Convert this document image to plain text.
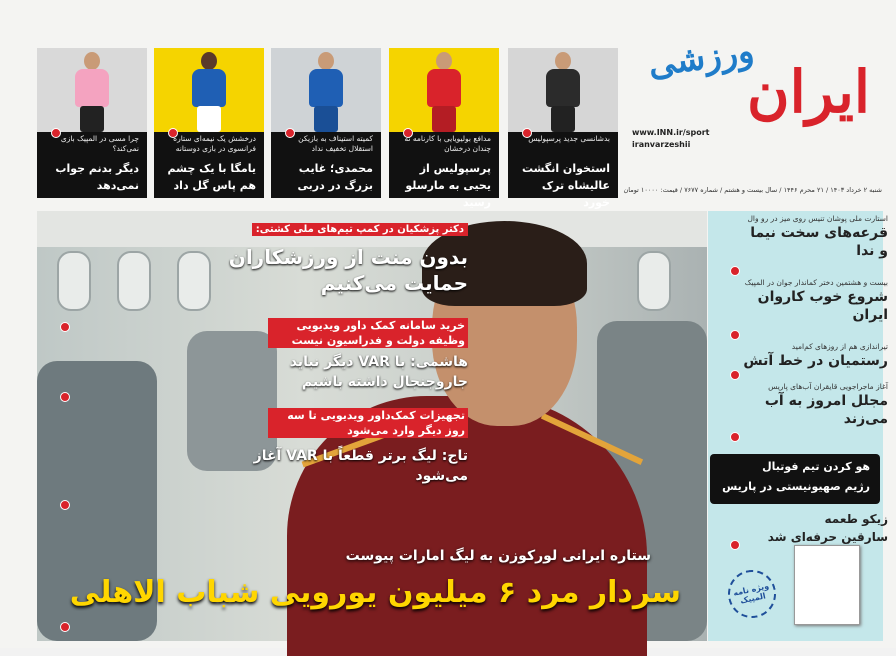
ورزشی
ایران
www.INN.ir/sport
iranvarzeshii
شنبه ۲ خرداد ۱۴۰۳ / ۲۱ محرم ۱۴۴۶ / سال بیست و هشتم / شماره ۷۶۷۷ / قیمت: ۱۰۰۰۰ تومان
بدشانسی جدید پرسپولیس
استخوان انگشت عالیشاه ترک خورد
مدافع بولیویایی با کارنامه نه چندان درخشان
پرسپولیس از یحیی به مارسلو رسید
کمیته استیناف به بازیکن استقلال تخفیف نداد
محمدی؛ غایب بزرگ در دربی
درخشش یک نیمه‌ای ستاره فرانسوی در بازی دوستانه
یامگا با یک چشم هم پاس گل داد
چرا مسی در المپیک بازی نمی‌کند؟
دیگر بدنم جواب نمی‌دهد
دکتر پزشکیان در کمپ تیم‌های ملی کشتی:
بدون منت از ورزشکاران حمایت می‌کنیم
خرید سامانه کمک داور ویدیویی وظیفه دولت و فدراسیون نیست
هاشمی: با VAR دیگر نباید جاروجنجال داشته باشیم
تجهیزات کمک‌داور ویدیویی تا سه روز دیگر وارد می‌شود
تاج: لیگ برتر قطعاً با VAR آغاز می‌شود
ستاره ایرانی لورکوزن به لیگ امارات پیوست
سردار مرد ۶ میلیون یورویی شباب الاهلی
استارت ملی پوشان تنیس روی میز در رو وال
قرعه‌های سخت نیما و ندا
بیست و هشتمین دختر کماندار جوان در المپیک
شروع خوب کاروان ایران
تیراندازی هم از روزهای کم‌امید
رستمیان در خط آتش
آغاز ماجراجویی قایقران آب‌های پاریس
مجلل امروز به آب می‌زند
هو کردن تیم فوتبال
رژیم صهیونیستی در پاریس
زیکو طعمه
سارقین حرفه‌ای شد
ویژه نامه المپیک
